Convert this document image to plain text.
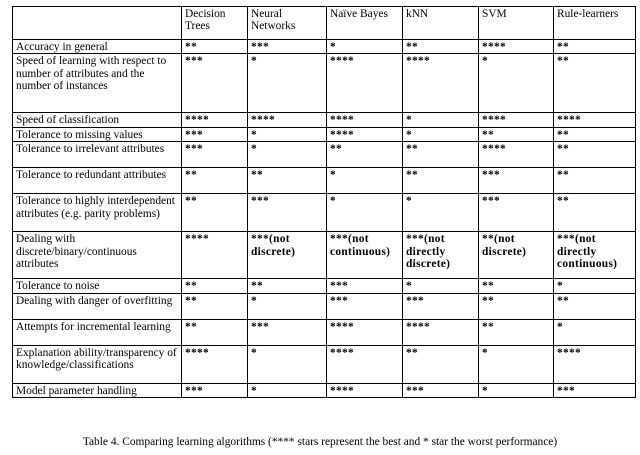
	Decision Trees	Neural Networks	Naïve Bayes	kNN	SVM	Rule-learners
Accuracy in general	**	***	*	**	****	**
Speed of learning with respect to number of attributes and the number of instances	***	*	****	****	*	**
Speed of classification	****	****	****	*	****	****
Tolerance to missing values	***	*	****	*	**	**
Tolerance to irrelevant attributes	***	*	**	**	****	**
Tolerance to redundant attributes	**	**	*	**	***	**
Tolerance to highly interdependent attributes (e.g. parity problems)	**	***	*	*	***	**
Dealing with discrete/binary/continuous attributes	****	***(not discrete)	***(not continuous)	***(not directly discrete)	**(not discrete)	***(not directly continuous)
Tolerance to noise	**	**	***	*	**	*
Dealing with danger of overfitting	**	*	***	***	**	**
Attempts for incremental learning	**	***	****	****	**	*
Explanation ability/transparency of knowledge/classifications	****	*	****	**	*	****
Model parameter handling	***	*	****	***	*	***
Table 4. Comparing learning algorithms (**** stars represent the best and * star the worst performance)
